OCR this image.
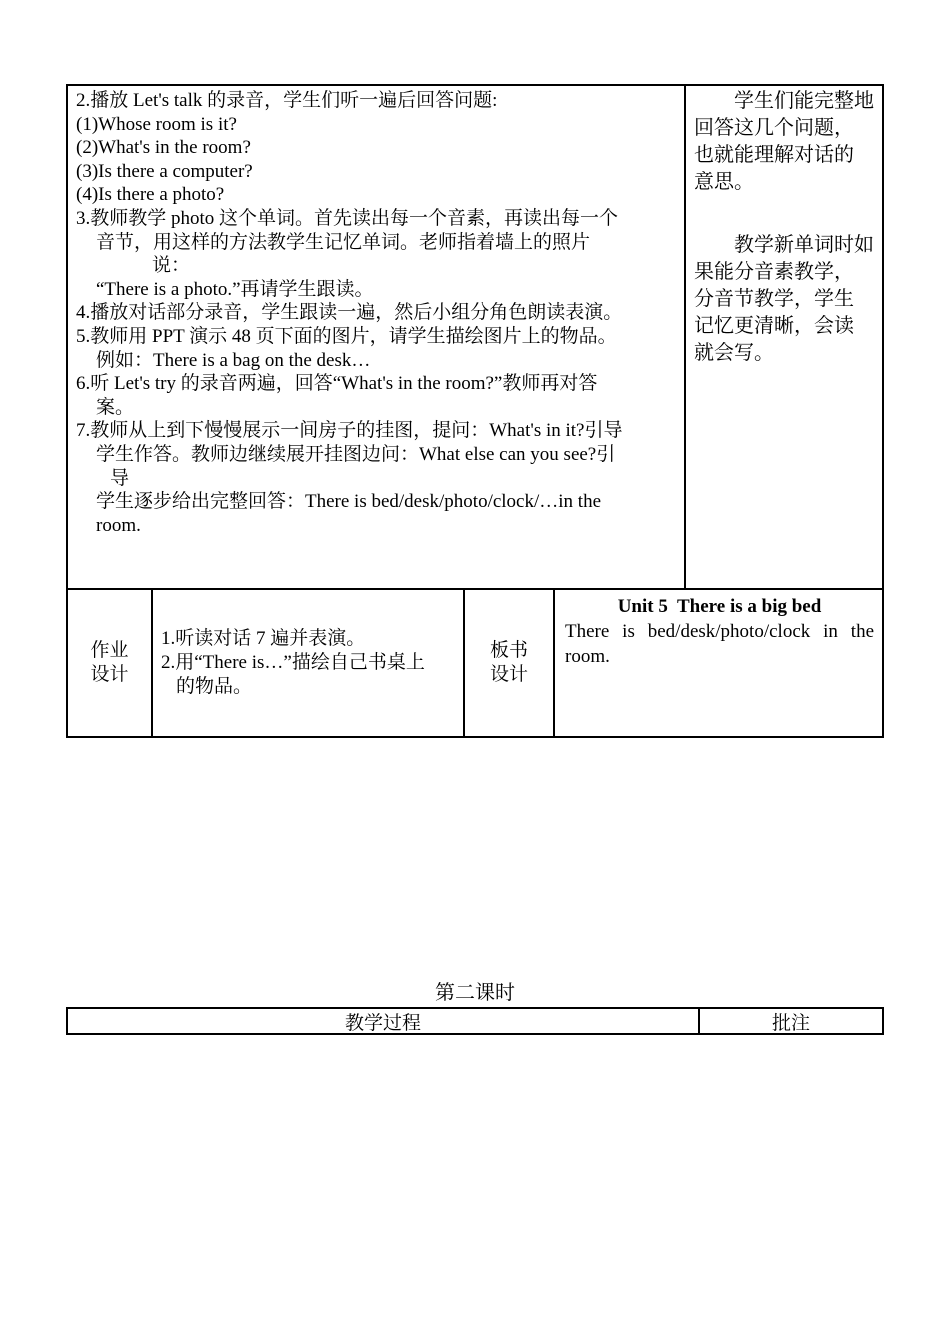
2.播放 Let's talk 的录音，学生们听一遍后回答问题:
(1)Whose room is it?
(2)What's in the room?
(3)Is there a computer?
(4)Is there a photo?
3.教师教学 photo 这个单词。首先读出每一个音素，再读出每一个
音节，用这样的方法教学生记忆单词。老师指着墙上的照片
说：
“There is a photo.”再请学生跟读。
4.播放对话部分录音，学生跟读一遍，然后小组分角色朗读表演。
5.教师用 PPT 演示 48 页下面的图片，请学生描绘图片上的物品。
例如：There is a bag on the desk…
6.听 Let's try 的录音两遍，回答“What's in the room?”教师再对答
案。
7.教师从上到下慢慢展示一间房子的挂图，提问：What's in it?引导
学生作答。教师边继续展开挂图边问：What else can you see?引
导
学生逐步给出完整回答：There is bed/desk/photo/clock/…in the
room.
学生们能完整地
回答这几个问题，
也就能理解对话的
意思。
教学新单词时如
果能分音素教学，
分音节教学，学生
记忆更清晰，会读
就会写。
作业设计
1.听读对话 7 遍并表演。
2.用“There is…”描绘自己书桌上
的物品。
板书设计
Unit 5  There is a big bed
There is bed/desk/photo/clock in the
room.
第二课时
教学过程	批注
